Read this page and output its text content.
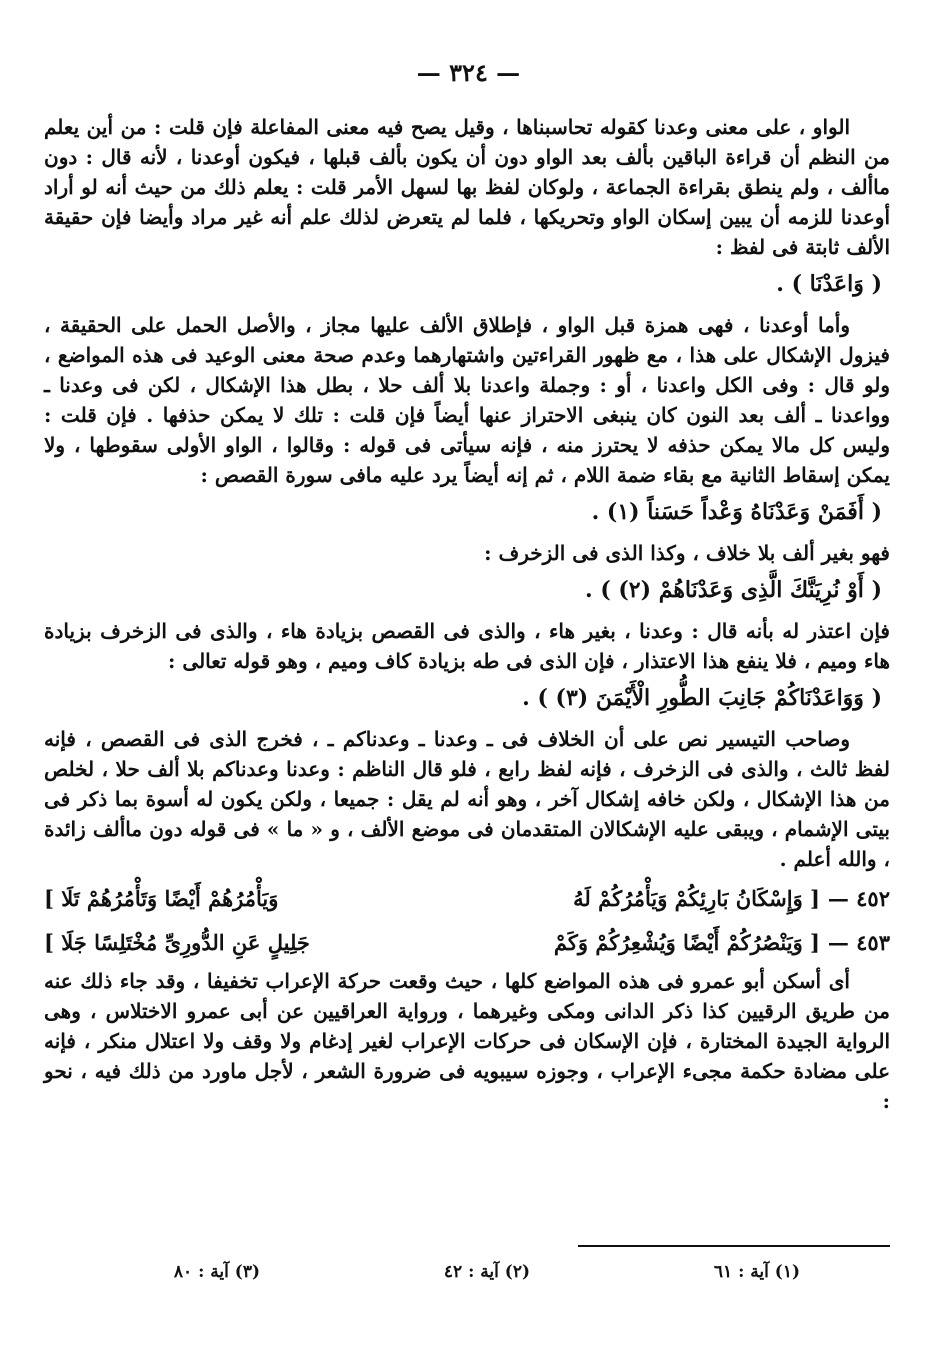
— ٣٢٤ —

الواو ، على معنى وعدنا كقوله تحاسبناها ، وقيل يصح فيه معنى المفاعلة فإن قلت : من أين يعلم من النظم أن قراءة الباقين بألف بعد الواو دون أن يكون بألف قبلها ، فيكون أوعدنا ، لأنه قال : دون ماألف ، ولم ينطق بقراءة الجماعة ، ولوكان لفظ بها لسهل الأمر قلت : يعلم ذلك من حيث أنه لو أراد أوعدنا للزمه أن يبين إسكان الواو وتحريكها ، فلما لم يتعرض لذلك علم أنه غير مراد وأيضا فإن حقيقة الألف ثابتة فى لفظ :

( وَاعَدْنَا ) .

وأما أوعدنا ، فهى همزة قبل الواو ، فإطلاق الألف عليها مجاز ، والأصل الحمل على الحقيقة ، فيزول الإشكال على هذا ، مع ظهور القراءتين واشتهارهما وعدم صحة معنى الوعيد فى هذه المواضع ، ولو قال : وفى الكل واعدنا ، أو : وجملة واعدنا بلا ألف حلا ، بطل هذا الإشكال ، لكن فى وعدنا ـ وواعدنا ـ ألف بعد النون كان ينبغى الاحتراز عنها أيضاً فإن قلت : تلك لا يمكن حذفها . فإن قلت : وليس كل مالا يمكن حذفه لا يحترز منه ، فإنه سيأتى فى قوله : وقالوا ، الواو الأولى سقوطها ، ولا يمكن إسقاط الثانية مع بقاء ضمة اللام ، ثم إنه أيضاً يرد عليه مافى سورة القصص :

( أَفَمَنْ وَعَدْنَاهُ وَعْداً حَسَناً (١) .

فهو بغير ألف بلا خلاف ، وكذا الذى فى الزخرف :

( أَوْ نُرِيَنَّكَ الَّذِى وَعَدْنَاهُمْ (٢) ) .

فإن اعتذر له بأنه قال : وعدنا ، بغير هاء ، والذى فى القصص بزيادة هاء ، والذى فى الزخرف بزيادة هاء وميم ، فلا ينفع هذا الاعتذار ، فإن الذى فى طه بزيادة كاف وميم ، وهو قوله تعالى :

( وَوَاعَدْنَاكُمْ جَانِبَ الطُّورِ الْأَيْمَنَ (٣) ) .

وصاحب التيسير نص على أن الخلاف فى ـ وعدنا ـ وعدناكم ـ ، فخرج الذى فى القصص ، فإنه لفظ ثالث ، والذى فى الزخرف ، فإنه لفظ رابع ، فلو قال الناظم : وعدنا وعدناكم بلا ألف حلا ، لخلص من هذا الإشكال ، ولكن خافه إشكال آخر ، وهو أنه لم يقل : جميعا ، ولكن يكون له أسوة بما ذكر فى بيتى الإشمام ، ويبقى عليه الإشكالان المتقدمان فى موضع الألف ، و « ما » فى قوله دون ماألف زائدة ، والله أعلم .

٤٥٢ —
[ وَإِسْكَانُ بَارِئِكُمْ وَيَأْمُرُكُمْ لَهُ
وَيَأْمُرُهُمْ أَيْضًا وَتَأْمُرُهُمْ تَلَا ]
٤٥٣ —
[ وَيَنْصُرُكُمْ أَيْضًا وَيُشْعِرُكُمْ وَكَمْ
جَلِيلٍ عَنِ الدُّورِىِّ مُخْتَلِسًا جَلَا ]

أى أسكن أبو عمرو فى هذه المواضع كلها ، حيث وقعت حركة الإعراب تخفيفا ، وقد جاء ذلك عنه من طريق الرقيين كذا ذكر الدانى ومكى وغيرهما ، ورواية العراقيين عن أبى عمرو الاختلاس ، وهى الرواية الجيدة المختارة ، فإن الإسكان فى حركات الإعراب لغير إدغام ولا وقف ولا اعتلال منكر ، فإنه على مضادة حكمة مجىء الإعراب ، وجوزه سيبويه فى ضرورة الشعر ، لأجل ماورد من ذلك فيه ، نحو :

(١) آية : ٦١
(٢) آية : ٤٢
(٣) آية : ٨٠
